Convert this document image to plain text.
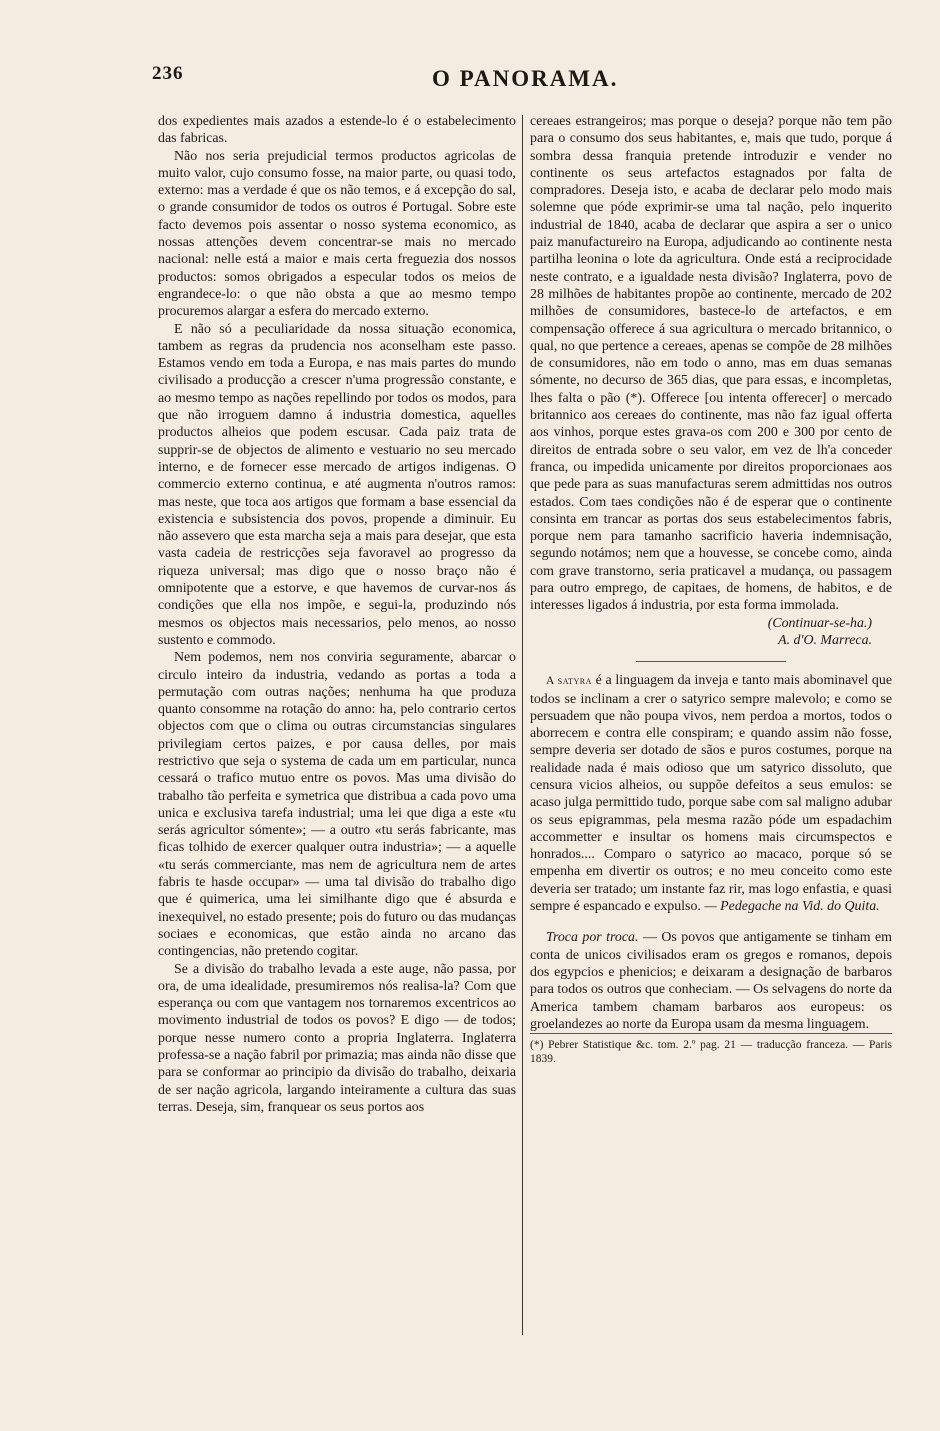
236	O PANORAMA.

dos expedientes mais azados a estende-lo é o estabelecimento das fabricas.

Não nos seria prejudicial termos productos agricolas de muito valor, cujo consumo fosse, na maior parte, ou quasi todo, externo: mas a verdade é que os não temos, e á excepção do sal, o grande consumidor de todos os outros é Portugal. Sobre este facto devemos pois assentar o nosso systema economico, as nossas attenções devem concentrar-se mais no mercado nacional: nelle está a maior e mais certa freguezia dos nossos productos: somos obrigados a especular todos os meios de engrandece-lo: o que não obsta a que ao mesmo tempo procuremos alargar a esfera do mercado externo.

E não só a peculiaridade da nossa situação economica, tambem as regras da prudencia nos aconselham este passo. Estamos vendo em toda a Europa, e nas mais partes do mundo civilisado a producção a crescer n'uma progressão constante, e ao mesmo tempo as nações repellindo por todos os modos, para que não irroguem damno á industria domestica, aquelles productos alheios que podem escusar. Cada paiz trata de supprir-se de objectos de alimento e vestuario no seu mercado interno, e de fornecer esse mercado de artigos indigenas. O commercio externo continua, e até augmenta n'outros ramos: mas neste, que toca aos artigos que formam a base essencial da existencia e subsistencia dos povos, propende a diminuir. Eu não assevero que esta marcha seja a mais para desejar, que esta vasta cadeia de restricções seja favoravel ao progresso da riqueza universal; mas digo que o nosso braço não é omnipotente que a estorve, e que havemos de curvar-nos ás condições que ella nos impõe, e segui-la, produzindo nós mesmos os objectos mais necessarios, pelo menos, ao nosso sustento e commodo.

Nem podemos, nem nos conviria seguramente, abarcar o circulo inteiro da industria, vedando as portas a toda a permutação com outras nações; nenhuma ha que produza quanto consomme na rotação do anno: ha, pelo contrario certos objectos com que o clima ou outras circumstancias singulares privilegiam certos paizes, e por causa delles, por mais restrictivo que seja o systema de cada um em particular, nunca cessará o trafico mutuo entre os povos. Mas uma divisão do trabalho tão perfeita e symetrica que distribua a cada povo uma unica e exclusiva tarefa industrial; uma lei que diga a este «tu serás agricultor sómente»; — a outro «tu serás fabricante, mas ficas tolhido de exercer qualquer outra industria»; — a aquelle «tu serás commerciante, mas nem de agricultura nem de artes fabris te hasde occupar» — uma tal divisão do trabalho digo que é quimerica, uma lei similhante digo que é absurda e inexequivel, no estado presente; pois do futuro ou das mudanças sociaes e economicas, que estão ainda no arcano das contingencias, não pretendo cogitar.

Se a divisão do trabalho levada a este auge, não passa, por ora, de uma idealidade, presumiremos nós realisa-la? Com que esperança ou com que vantagem nos tornaremos excentricos ao movimento industrial de todos os povos? E digo — de todos; porque nesse numero conto a propria Inglaterra. Inglaterra professa-se a nação fabril por primazia; mas ainda não disse que para se conformar ao principio da divisão do trabalho, deixaria de ser nação agricola, largando inteiramente a cultura das suas terras. Deseja, sim, franquear os seus portos aos

cereaes estrangeiros; mas porque o deseja? porque não tem pão para o consumo dos seus habitantes, e, mais que tudo, porque á sombra dessa franquia pretende introduzir e vender no continente os seus artefactos estagnados por falta de compradores. Deseja isto, e acaba de declarar pelo modo mais solemne que póde exprimir-se uma tal nação, pelo inquerito industrial de 1840, acaba de declarar que aspira a ser o unico paiz manufactureiro na Europa, adjudicando ao continente nesta partilha leonina o lote da agricultura. Onde está a reciprocidade neste contrato, e a igualdade nesta divisão? Inglaterra, povo de 28 milhões de habitantes propõe ao continente, mercado de 202 milhões de consumidores, bastece-lo de artefactos, e em compensação offerece á sua agricultura o mercado britannico, o qual, no que pertence a cereaes, apenas se compõe de 28 milhões de consumidores, não em todo o anno, mas em duas semanas sómente, no decurso de 365 dias, que para essas, e incompletas, lhes falta o pão (*). Offerece [ou intenta offerecer] o mercado britannico aos cereaes do continente, mas não faz igual offerta aos vinhos, porque estes grava-os com 200 e 300 por cento de direitos de entrada sobre o seu valor, em vez de lh'a conceder franca, ou impedida unicamente por direitos proporcionaes aos que pede para as suas manufacturas serem admittidas nos outros estados. Com taes condições não é de esperar que o continente consinta em trancar as portas dos seus estabelecimentos fabris, porque nem para tamanho sacrificio haveria indemnisação, segundo notámos; nem que a houvesse, se concebe como, ainda com grave transtorno, seria praticavel a mudança, ou passagem para outro emprego, de capitaes, de homens, de habitos, e de interesses ligados á industria, por esta forma immolada.

(Continuar-se-ha.)

A. d'O. Marreca.

A satyra é a linguagem da inveja e tanto mais abominavel que todos se inclinam a crer o satyrico sempre malevolo; e como se persuadem que não poupa vivos, nem perdoa a mortos, todos o aborrecem e contra elle conspiram; e quando assim não fosse, sempre deveria ser dotado de sãos e puros costumes, porque na realidade nada é mais odioso que um satyrico dissoluto, que censura vicios alheios, ou suppõe defeitos a seus emulos: se acaso julga permittido tudo, porque sabe com sal maligno adubar os seus epigrammas, pela mesma razão póde um espadachim accommetter e insultar os homens mais circumspectos e honrados.... Comparo o satyrico ao macaco, porque só se empenha em divertir os outros; e no meu conceito como este deveria ser tratado; um instante faz rir, mas logo enfastia, e quasi sempre é espancado e expulso. — Pedegache na Vid. do Quita.

Troca por troca. — Os povos que antigamente se tinham em conta de unicos civilisados eram os gregos e romanos, depois dos egypcios e phenicios; e deixaram a designação de barbaros para todos os outros que conheciam. — Os selvagens do norte da America tambem chamam barbaros aos europeus: os groelandezes ao norte da Europa usam da mesma linguagem.

(*) Pebrer Statistique &c. tom. 2.º pag. 21 — traducção franceza. — Paris 1839.
